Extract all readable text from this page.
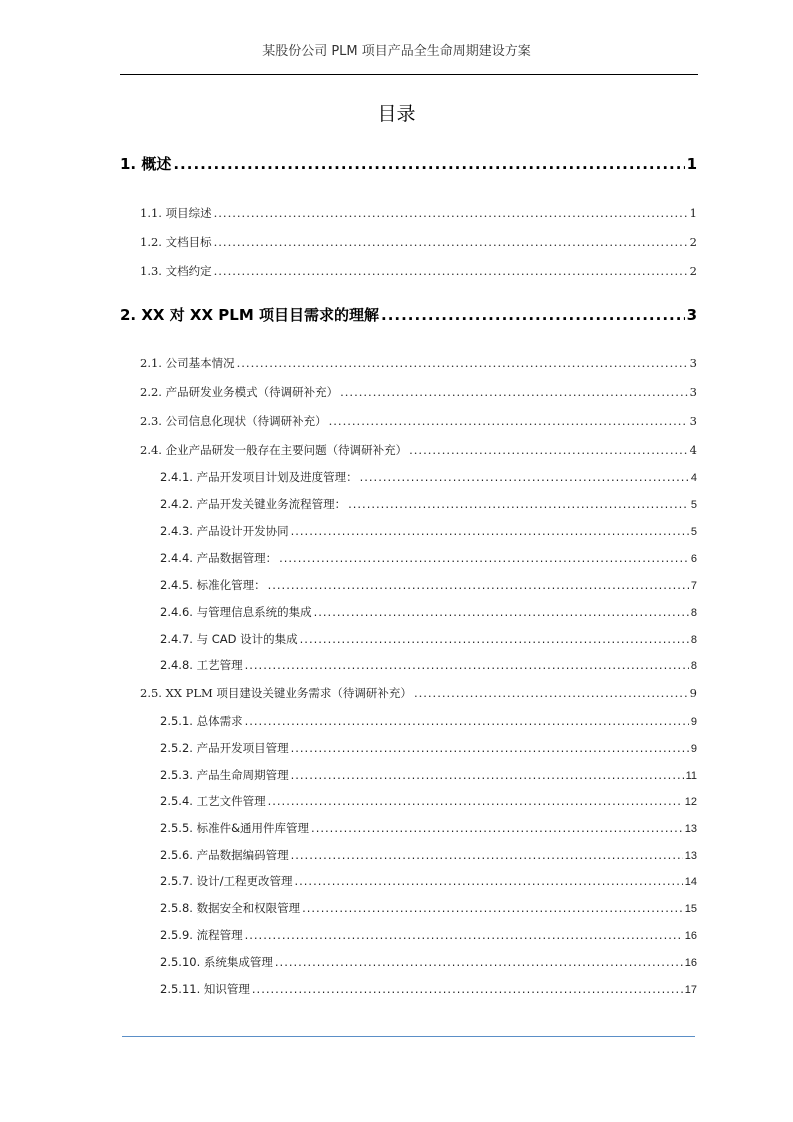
某股份公司 PLM 项目产品全生命周期建设方案
目录
1. 概述 .....	1
1.1. 项目综述 .....	1
1.2. 文档目标 .....	2
1.3. 文档约定 .....	2
2. XX 对 XX PLM 项目目需求的理解 .....	3
2.1. 公司基本情况 .....	3
2.2. 产品研发业务模式（待调研补充） .....	3
2.3. 公司信息化现状（待调研补充） .....	3
2.4. 企业产品研发一般存在主要问题（待调研补充） .....	4
2.4.1. 产品开发项目计划及进度管理： .....	4
2.4.2. 产品开发关键业务流程管理： .....	5
2.4.3. 产品设计开发协同 .....	5
2.4.4. 产品数据管理： .....	6
2.4.5. 标准化管理： .....	7
2.4.6. 与管理信息系统的集成 .....	8
2.4.7. 与 CAD 设计的集成 .....	8
2.4.8. 工艺管理 .....	8
2.5. XX PLM 项目建设关键业务需求（待调研补充） .....	9
2.5.1. 总体需求 .....	9
2.5.2. 产品开发项目管理 .....	9
2.5.3. 产品生命周期管理 .....	11
2.5.4. 工艺文件管理 .....	12
2.5.5. 标准件&通用件库管理 .....	13
2.5.6. 产品数据编码管理 .....	13
2.5.7. 设计/工程更改管理 .....	14
2.5.8. 数据安全和权限管理 .....	15
2.5.9. 流程管理 .....	16
2.5.10. 系统集成管理 .....	16
2.5.11. 知识管理 .....	17
